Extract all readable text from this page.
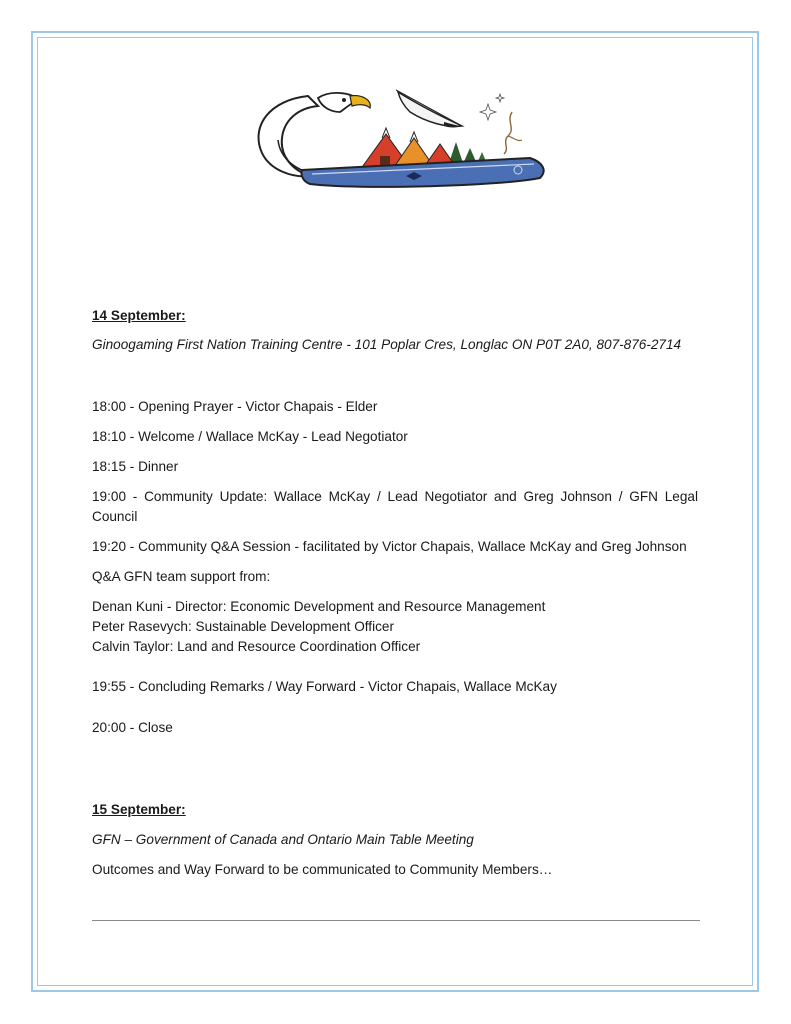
14 September:

Ginoogaming First Nation Training Centre - 101 Poplar Cres, Longlac ON P0T 2A0, 807-876-2714

18:00 - Opening Prayer - Victor Chapais - Elder

18:10 - Welcome / Wallace McKay - Lead Negotiator

18:15 - Dinner

19:00 - Community Update: Wallace McKay / Lead Negotiator and Greg Johnson / GFN Legal Council

19:20 - Community Q&A Session - facilitated by Victor Chapais, Wallace McKay and Greg Johnson

Q&A GFN team support from:

Denan Kuni - Director: Economic Development and Resource Management

Peter Rasevych: Sustainable Development Officer

Calvin Taylor: Land and Resource Coordination Officer

19:55 - Concluding Remarks / Way Forward - Victor Chapais, Wallace McKay

20:00 - Close

15 September:

GFN – Government of Canada and Ontario Main Table Meeting

Outcomes and Way Forward to be communicated to Community Members…
